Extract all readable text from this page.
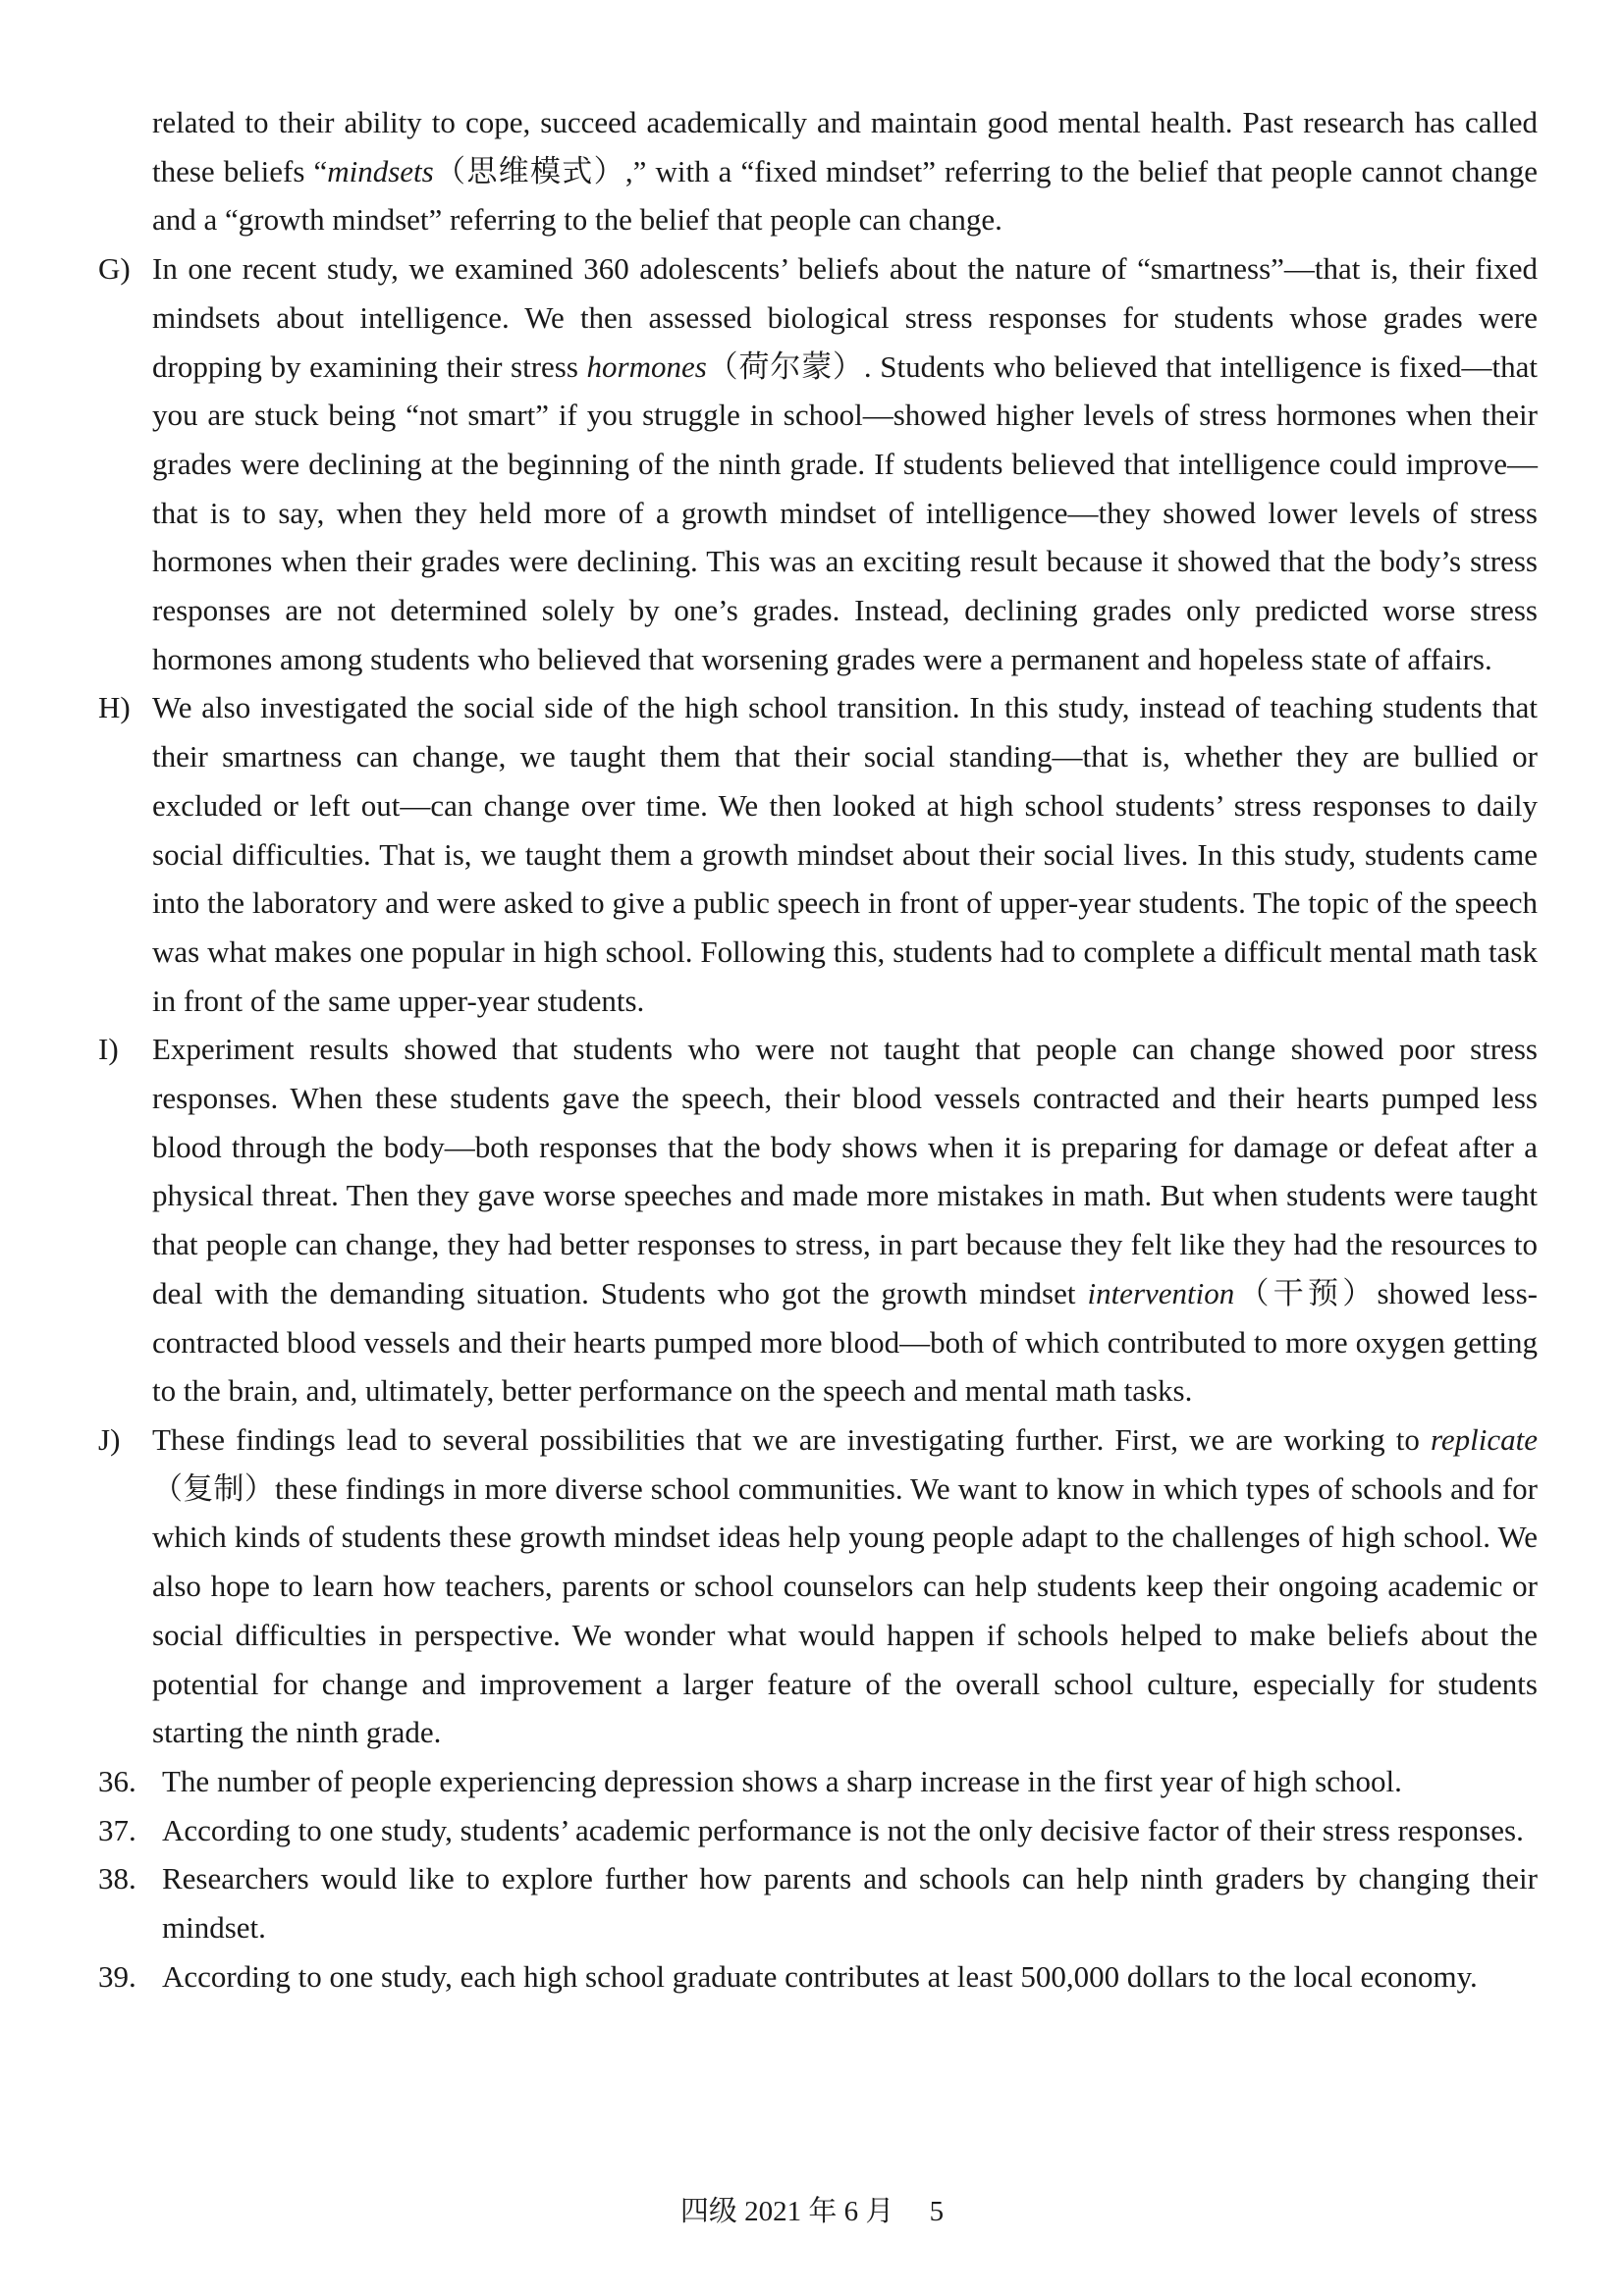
related to their ability to cope, succeed academically and maintain good mental health. Past research has called these beliefs “mindsets（思维模式）,” with a “fixed mindset” referring to the belief that people cannot change and a “growth mindset” referring to the belief that people can change.

G) In one recent study, we examined 360 adolescents’ beliefs about the nature of “smartness”—that is, their fixed mindsets about intelligence. We then assessed biological stress responses for students whose grades were dropping by examining their stress hormones（荷尔蒙）. Students who believed that intelligence is fixed—that you are stuck being “not smart” if you struggle in school—showed higher levels of stress hormones when their grades were declining at the beginning of the ninth grade. If students believed that intelligence could improve—that is to say, when they held more of a growth mindset of intelligence—they showed lower levels of stress hormones when their grades were declining. This was an exciting result because it showed that the body’s stress responses are not determined solely by one’s grades. Instead, declining grades only predicted worse stress hormones among students who believed that worsening grades were a permanent and hopeless state of affairs.

H) We also investigated the social side of the high school transition. In this study, instead of teaching students that their smartness can change, we taught them that their social standing—that is, whether they are bullied or excluded or left out—can change over time. We then looked at high school students’ stress responses to daily social difficulties. That is, we taught them a growth mindset about their social lives. In this study, students came into the laboratory and were asked to give a public speech in front of upper-year students. The topic of the speech was what makes one popular in high school. Following this, students had to complete a difficult mental math task in front of the same upper-year students.

I) Experiment results showed that students who were not taught that people can change showed poor stress responses. When these students gave the speech, their blood vessels contracted and their hearts pumped less blood through the body—both responses that the body shows when it is preparing for damage or defeat after a physical threat. Then they gave worse speeches and made more mistakes in math. But when students were taught that people can change, they had better responses to stress, in part because they felt like they had the resources to deal with the demanding situation. Students who got the growth mindset intervention（干预）showed less-contracted blood vessels and their hearts pumped more blood—both of which contributed to more oxygen getting to the brain, and, ultimately, better performance on the speech and mental math tasks.

J) These findings lead to several possibilities that we are investigating further. First, we are working to replicate（复制）these findings in more diverse school communities. We want to know in which types of schools and for which kinds of students these growth mindset ideas help young people adapt to the challenges of high school. We also hope to learn how teachers, parents or school counselors can help students keep their ongoing academic or social difficulties in perspective. We wonder what would happen if schools helped to make beliefs about the potential for change and improvement a larger feature of the overall school culture, especially for students starting the ninth grade.

36. The number of people experiencing depression shows a sharp increase in the first year of high school.

37. According to one study, students’ academic performance is not the only decisive factor of their stress responses.

38. Researchers would like to explore further how parents and schools can help ninth graders by changing their mindset.

39. According to one study, each high school graduate contributes at least 500,000 dollars to the local economy.

四级 2021 年 6 月　 5
